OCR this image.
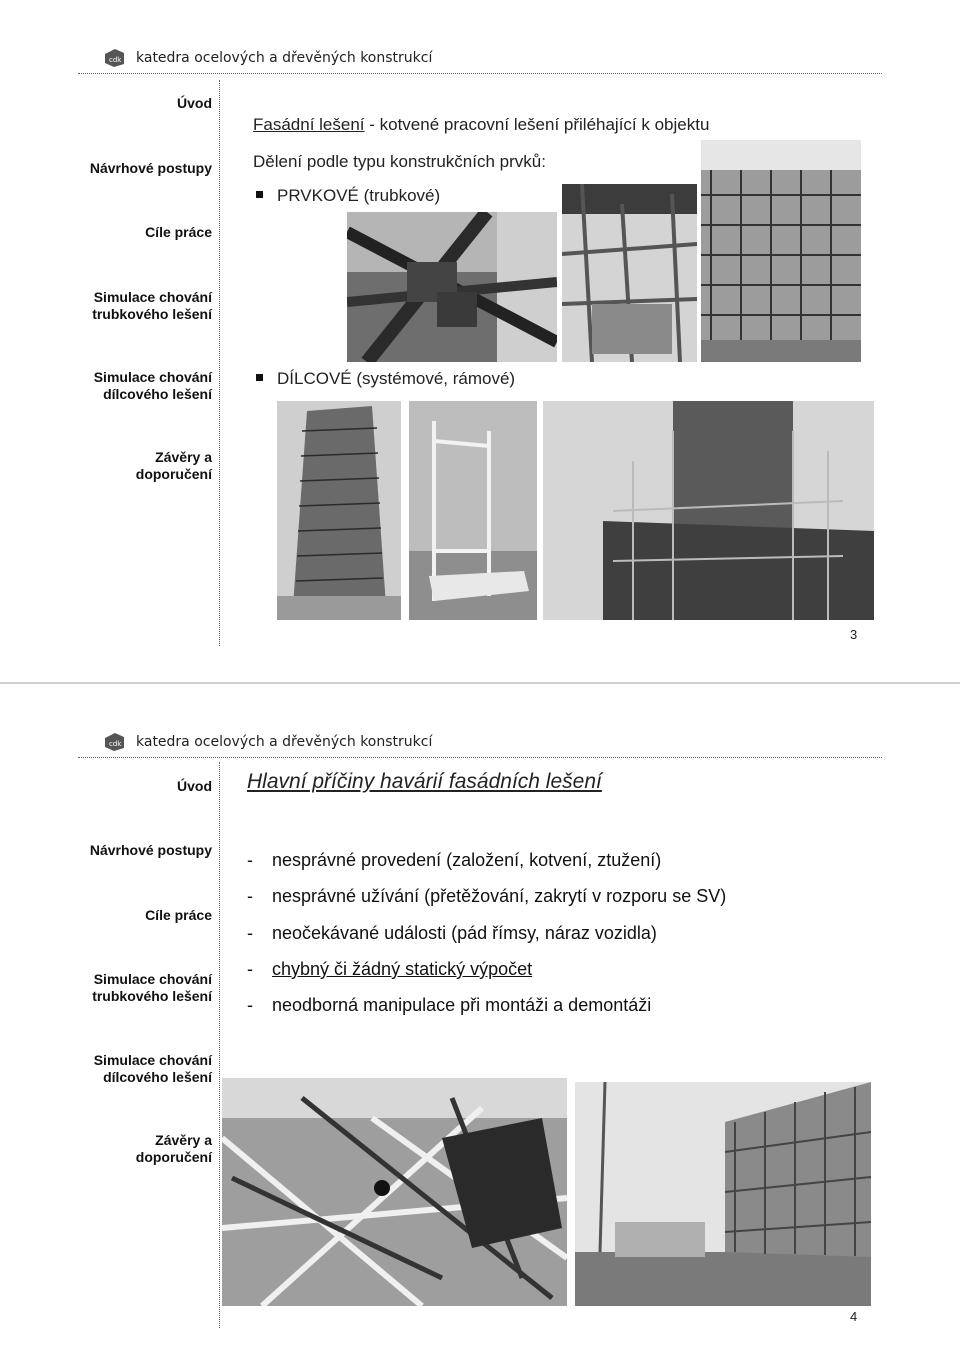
cdk katedra ocelových a dřevěných konstrukcí
Úvod
Návrhové postupy
Cíle práce
Simulace chování
trubkového lešení
Simulace chování
dílcového lešení
Závěry a
doporučení
Fasádní lešení - kotvené pracovní lešení přiléhající k objektu
Dělení podle typu konstrukčních prvků:
PRVKOVÉ (trubkové)
DÍLCOVÉ (systémové, rámové)
3
cdk katedra ocelových a dřevěných konstrukcí
Úvod
Návrhové postupy
Cíle práce
Simulace chování
trubkového lešení
Simulace chování
dílcového lešení
Závěry a
doporučení
Hlavní příčiny havárií fasádních lešení
- nesprávné provedení (založení, kotvení, ztužení)
- nesprávné užívání (přetěžování, zakrytí v rozporu se SV)
- neočekávané události (pád římsy, náraz vozidla)
- chybný či žádný statický výpočet
- neodborná manipulace při montáži a demontáži
4
